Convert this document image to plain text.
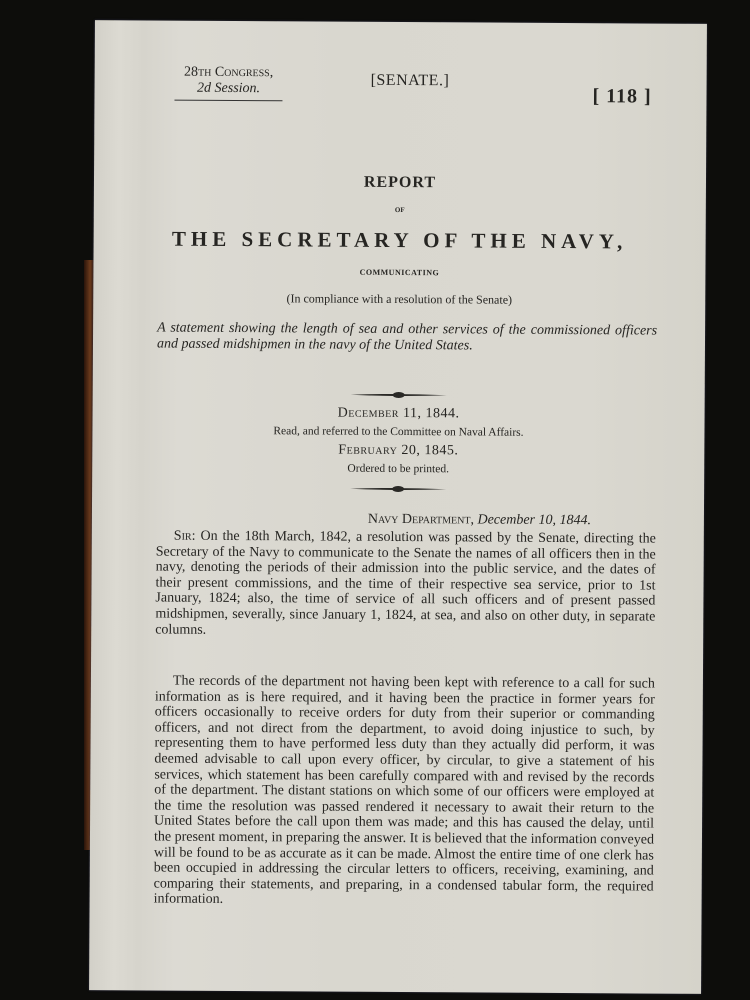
28th Congress,

2d Session.	[SENATE.]
[ 118 ]
REPORT
OF
THE SECRETARY OF THE NAVY,
COMMUNICATING
(In compliance with a resolution of the Senate)
A statement showing the length of sea and other services of the commissioned officers and passed midshipmen in the navy of the United States.
December 11, 1844.
Read, and referred to the Committee on Naval Affairs.
February 20, 1845.
Ordered to be printed.
Navy Department, December 10, 1844.

Sir: On the 18th March, 1842, a resolution was passed by the Senate, directing the Secretary of the Navy to communicate to the Senate the names of all officers then in the navy, denoting the periods of their admission into the public service, and the dates of their present commissions, and the time of their respective sea service, prior to 1st January, 1824; also, the time of service of all such officers and of present passed midshipmen, severally, since January 1, 1824, at sea, and also on other duty, in separate columns.

The records of the department not having been kept with reference to a call for such information as is here required, and it having been the practice in former years for officers occasionally to receive orders for duty from their superior or commanding officers, and not direct from the department, to avoid doing injustice to such, by representing them to have performed less duty than they actually did perform, it was deemed advisable to call upon every officer, by circular, to give a statement of his services, which statement has been carefully compared with and revised by the records of the department. The distant stations on which some of our officers were employed at the time the resolution was passed rendered it necessary to await their return to the United States before the call upon them was made; and this has caused the delay, until the present moment, in preparing the answer. It is believed that the information conveyed will be found to be as accurate as it can be made. Almost the entire time of one clerk has been occupied in addressing the circular letters to officers, receiving, examining, and comparing their statements, and preparing, in a condensed tabular form, the required information.
